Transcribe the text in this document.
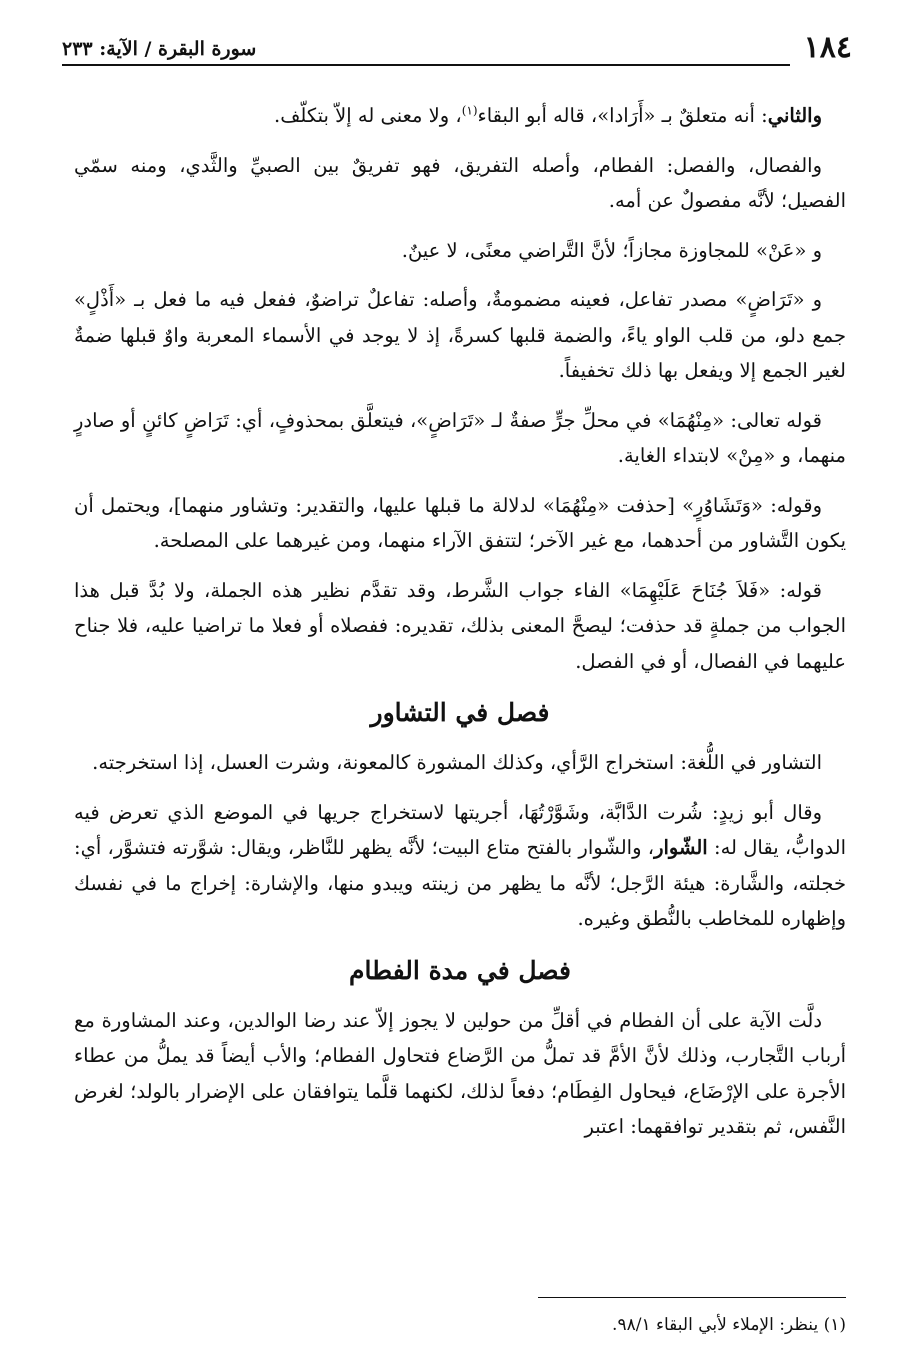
١٨٤
سورة البقرة / الآية: ٢٣٣

والثاني: أنه متعلقٌ بـ «أَرَادا»، قاله أبو البقاء$^{(١)}$، ولا معنى له إلاّ بتكلّف.

والفصال، والفصل: الفطام، وأصله التفريق، فهو تفريقٌ بين الصبيِّ والثَّدي، ومنه سمّي الفصيل؛ لأنَّه مفصولٌ عن أمه.

و «عَنْ» للمجاوزة مجازاً؛ لأنَّ التَّراضي معنًى، لا عينٌ.

و «تَرَاضٍ» مصدر تفاعل، فعينه مضمومةٌ، وأصله: تفاعلٌ تراضوٌ، ففعل فيه ما فعل بـ «أَذْلٍ» جمع دلو، من قلب الواو ياءً، والضمة قلبها كسرةً، إذ لا يوجد في الأسماء المعربة واوٌ قبلها ضمةٌ لغير الجمع إلا ويفعل بها ذلك تخفيفاً.

قوله تعالى: «مِنْهُمَا» في محلِّ جرٍّ صفةٌ لـ «تَرَاضٍ»، فيتعلَّق بمحذوفٍ، أي: تَرَاضٍ كائنٍ أو صادرٍ منهما، و «مِنْ» لابتداء الغاية.

وقوله: «وَتَشَاوُرٍ» [حذفت «مِنْهُمَا» لدلالة ما قبلها عليها، والتقدير: وتشاور منهما]، ويحتمل أن يكون التَّشاور من أحدهما، مع غير الآخر؛ لتتفق الآراء منهما، ومن غيرهما على المصلحة.

قوله: «فَلاَ جُنَاحَ عَلَيْهِمَا» الفاء جواب الشَّرط، وقد تقدَّم نظير هذه الجملة، ولا بُدَّ قبل هذا الجواب من جملةٍ قد حذفت؛ ليصحَّ المعنى بذلك، تقديره: ففصلاه أو فعلا ما تراضيا عليه، فلا جناح عليهما في الفصال، أو في الفصل.

فصل في التشاور

التشاور في اللُّغة: استخراج الرَّأي، وكذلك المشورة كالمعونة، وشرت العسل، إذا استخرجته.

وقال أبو زيدٍ: شُرت الدَّابَّة، وشَوَّرْتُهَا، أجريتها لاستخراج جريها في الموضع الذي تعرض فيه الدوابُّ، يقال له: الشّوار، والشّوار بالفتح متاع البيت؛ لأنَّه يظهر للنَّاظر، ويقال: شوَّرته فتشوَّر، أي: خجلته، والشَّارة: هيئة الرَّجل؛ لأنَّه ما يظهر من زينته ويبدو منها، والإشارة: إخراج ما في نفسك وإظهاره للمخاطب بالنُّطق وغيره.

فصل في مدة الفطام

دلَّت الآية على أن الفطام في أقلِّ من حولين لا يجوز إلاّ عند رضا الوالدين، وعند المشاورة مع أرباب التَّجارب، وذلك لأنَّ الأمَّ قد تملُّ من الرَّضاع فتحاول الفطام؛ والأب أيضاً قد يملُّ من عطاء الأجرة على الإرْضَاع، فيحاول الفِطَام؛ دفعاً لذلك، لكنهما قلَّما يتوافقان على الإضرار بالولد؛ لغرض النَّفس، ثم بتقدير توافقهما: اعتبر

(١) ينظر: الإملاء لأبي البقاء ٩٨/١.
